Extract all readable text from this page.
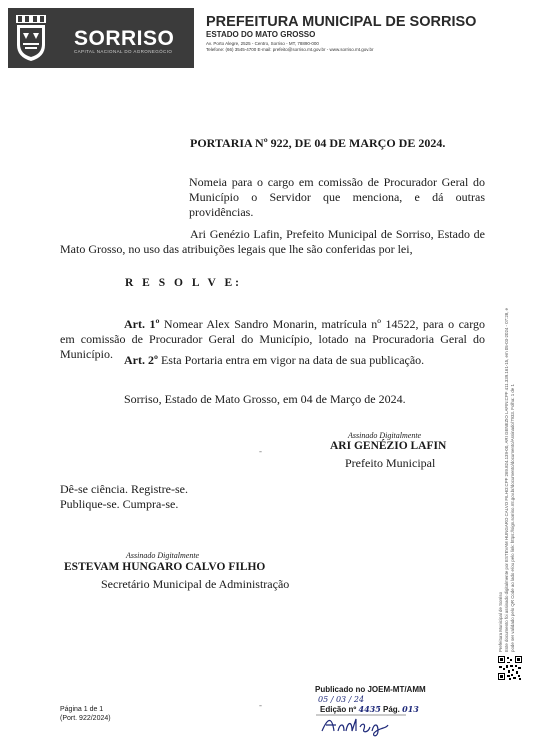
SORRISO
CAPITAL NACIONAL DO AGRONEGÓCIO
PREFEITURA MUNICIPAL DE SORRISO
ESTADO DO MATO GROSSO
Av. Porto Alegre, 2525 - Centro, Sorriso - MT, 78890-000
Telefone: (66) 3545-4700 E-mail: prefeito@sorriso.mt.gov.br - www.sorriso.mt.gov.br
PORTARIA Nº 922, DE 04 DE MARÇO DE 2024.
Nomeia para o cargo em comissão de Procurador Geral do Município o Servidor que menciona, e dá outras providências.
Ari Genézio Lafin, Prefeito Municipal de Sorriso, Estado de Mato Grosso, no uso das atribuições legais que lhe são conferidas por lei,
R E S O L V E:
Art. 1º Nomear Alex Sandro Monarin, matrícula nº 14522, para o cargo em comissão de Procurador Geral do Município, lotado na Procuradoria Geral do Município. Art. 2º Esta Portaria entra em vigor na data de sua publicação.
Sorriso, Estado de Mato Grosso, em 04 de Março de 2024.
Assinado Digitalmente
ARI GENÉZIO LAFIN
Prefeito Municipal
-
Dê-se ciência. Registre-se.
Publique-se. Cumpra-se.
Assinado Digitalmente
ESTEVAM HUNGARO CALVO FILHO
Secretário Municipal de Administração
Página 1 de 1
(Port. 922/2024)
-
Publicado no JOEM-MT/AMM
05 / 03 / 24
Edição nº 4435 Pág. 013
Prefeitura Municipal de Sorriso Este documento foi assinado digitalmente por ESTEVAM HUNGARO CALVO FILHO:CPF 269.824.139-00, ARI GENEZIO LAFIN:CPF 411.339.161-15, em 05-03-2024 - 07:28, e pode ser validado pelo QR Code ao lado e/ou pelo link: https://sign.sorriso.mt.gov.br/documento/documento/Assinado/7933. Folha: 1 de 1
